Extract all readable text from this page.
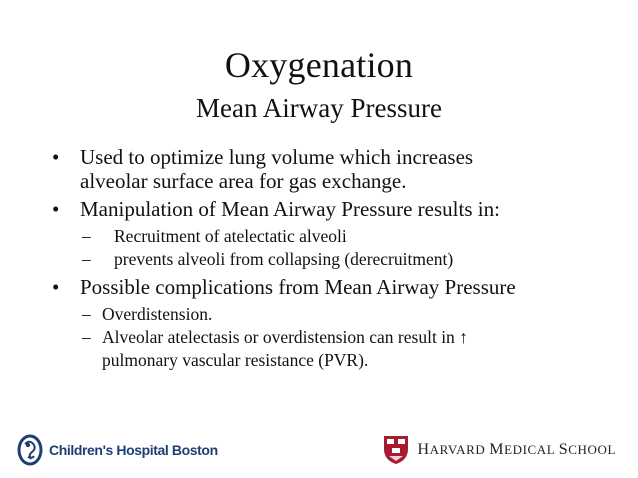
Oxygenation
Mean Airway Pressure
• Used to optimize lung volume which increases
alveolar surface area for gas exchange.
• Manipulation of Mean Airway Pressure results in:
– Recruitment of atelectatic alveoli
– prevents alveoli from collapsing (derecruitment)
• Possible complications from Mean Airway Pressure
– Overdistension.
– Alveolar atelectasis or overdistension can result in ↑
pulmonary vascular resistance (PVR).
Children's Hospital Boston	HARVARD MEDICAL SCHOOL
